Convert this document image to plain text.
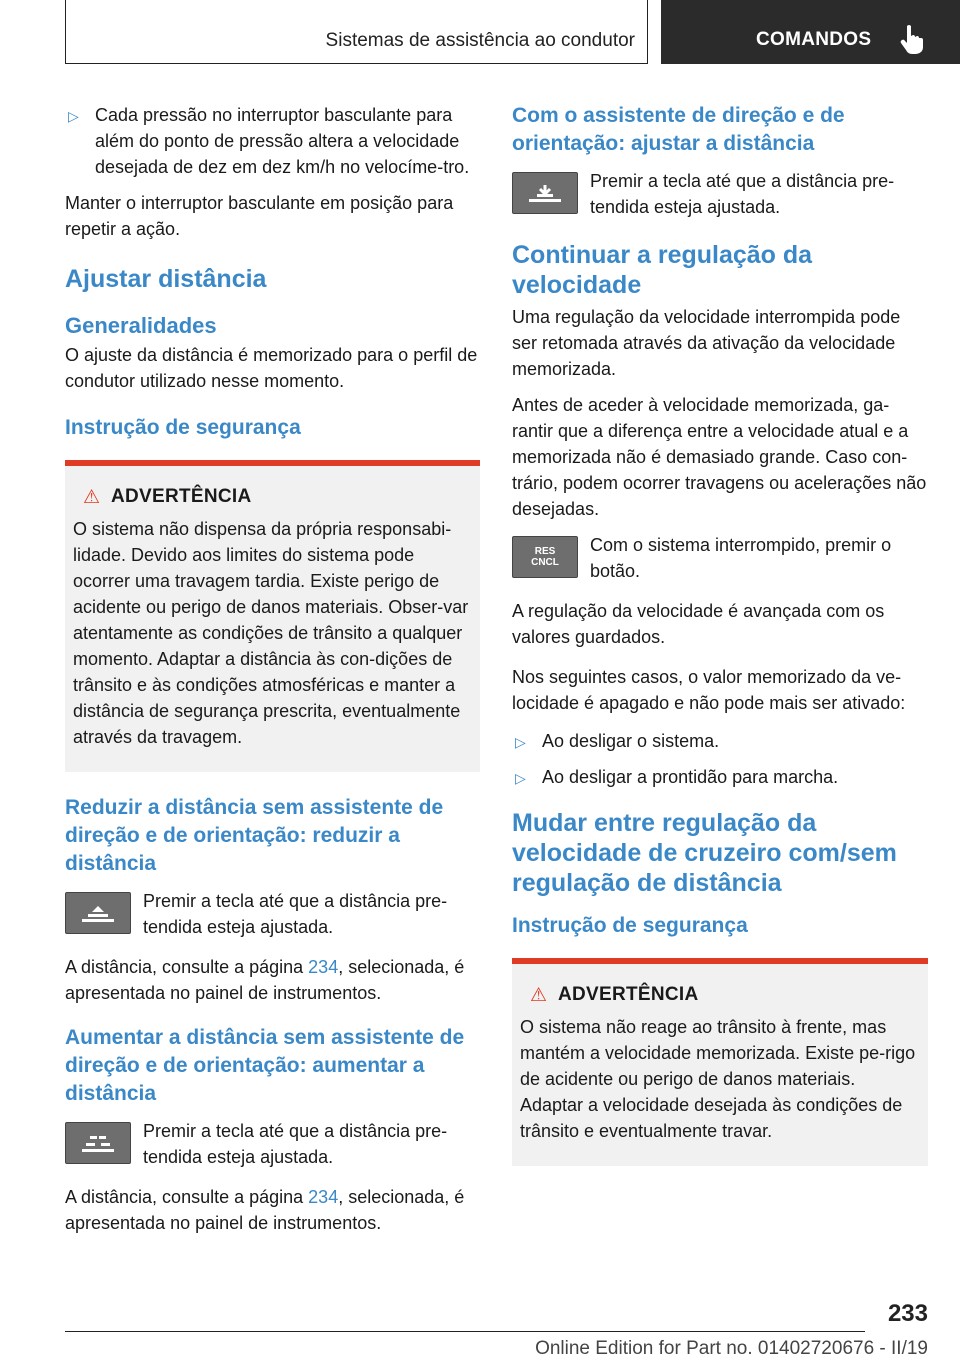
Sistemas de assistência ao condutor	COMANDOS
▷ Cada pressão no interruptor basculante para além do ponto de pressão altera a velocidade desejada de dez em dez km/h no velocíme-tro.

Manter o interruptor basculante em posição para repetir a ação.

Ajustar distância
Generalidades

O ajuste da distância é memorizado para o perfil de condutor utilizado nesse momento.

Instrução de segurança
⚠ ADVERTÊNCIA
O sistema não dispensa da própria responsabi-lidade. Devido aos limites do sistema pode ocorrer uma travagem tardia. Existe perigo de acidente ou perigo de danos materiais. Obser-var atentamente as condições de trânsito a qualquer momento. Adaptar a distância às con-dições de trânsito e às condições atmosféricas e manter a distância de segurança prescrita, eventualmente através da travagem.
Reduzir a distância sem assistente de direção e de orientação: reduzir a distância
Premir a tecla até que a distância pre-tendida esteja ajustada.

A distância, consulte a página 234, selecionada, é apresentada no painel de instrumentos.

Aumentar a distância sem assistente de direção e de orientação: aumentar a distância
Premir a tecla até que a distância pre-tendida esteja ajustada.

A distância, consulte a página 234, selecionada, é apresentada no painel de instrumentos.

Com o assistente de direção e de orientação: ajustar a distância
Premir a tecla até que a distância pre-tendida esteja ajustada.
Continuar a regulação da velocidade

Uma regulação da velocidade interrompida pode ser retomada através da ativação da velocidade memorizada.

Antes de aceder à velocidade memorizada, ga-rantir que a diferença entre a velocidade atual e a memorizada não é demasiado grande. Caso con-trário, podem ocorrer travagens ou acelerações não desejadas.

RES
CNCL
Com o sistema interrompido, premir o botão.

A regulação da velocidade é avançada com os valores guardados.

Nos seguintes casos, o valor memorizado da ve-locidade é apagado e não pode mais ser ativado:

▷ Ao desligar o sistema.
▷ Ao desligar a prontidão para marcha.
Mudar entre regulação da velocidade de cruzeiro com/sem regulação de distância
Instrução de segurança
⚠ ADVERTÊNCIA
O sistema não reage ao trânsito à frente, mas mantém a velocidade memorizada. Existe pe-rigo de acidente ou perigo de danos materiais. Adaptar a velocidade desejada às condições de trânsito e eventualmente travar.
233
Online Edition for Part no. 01402720676 - II/19
